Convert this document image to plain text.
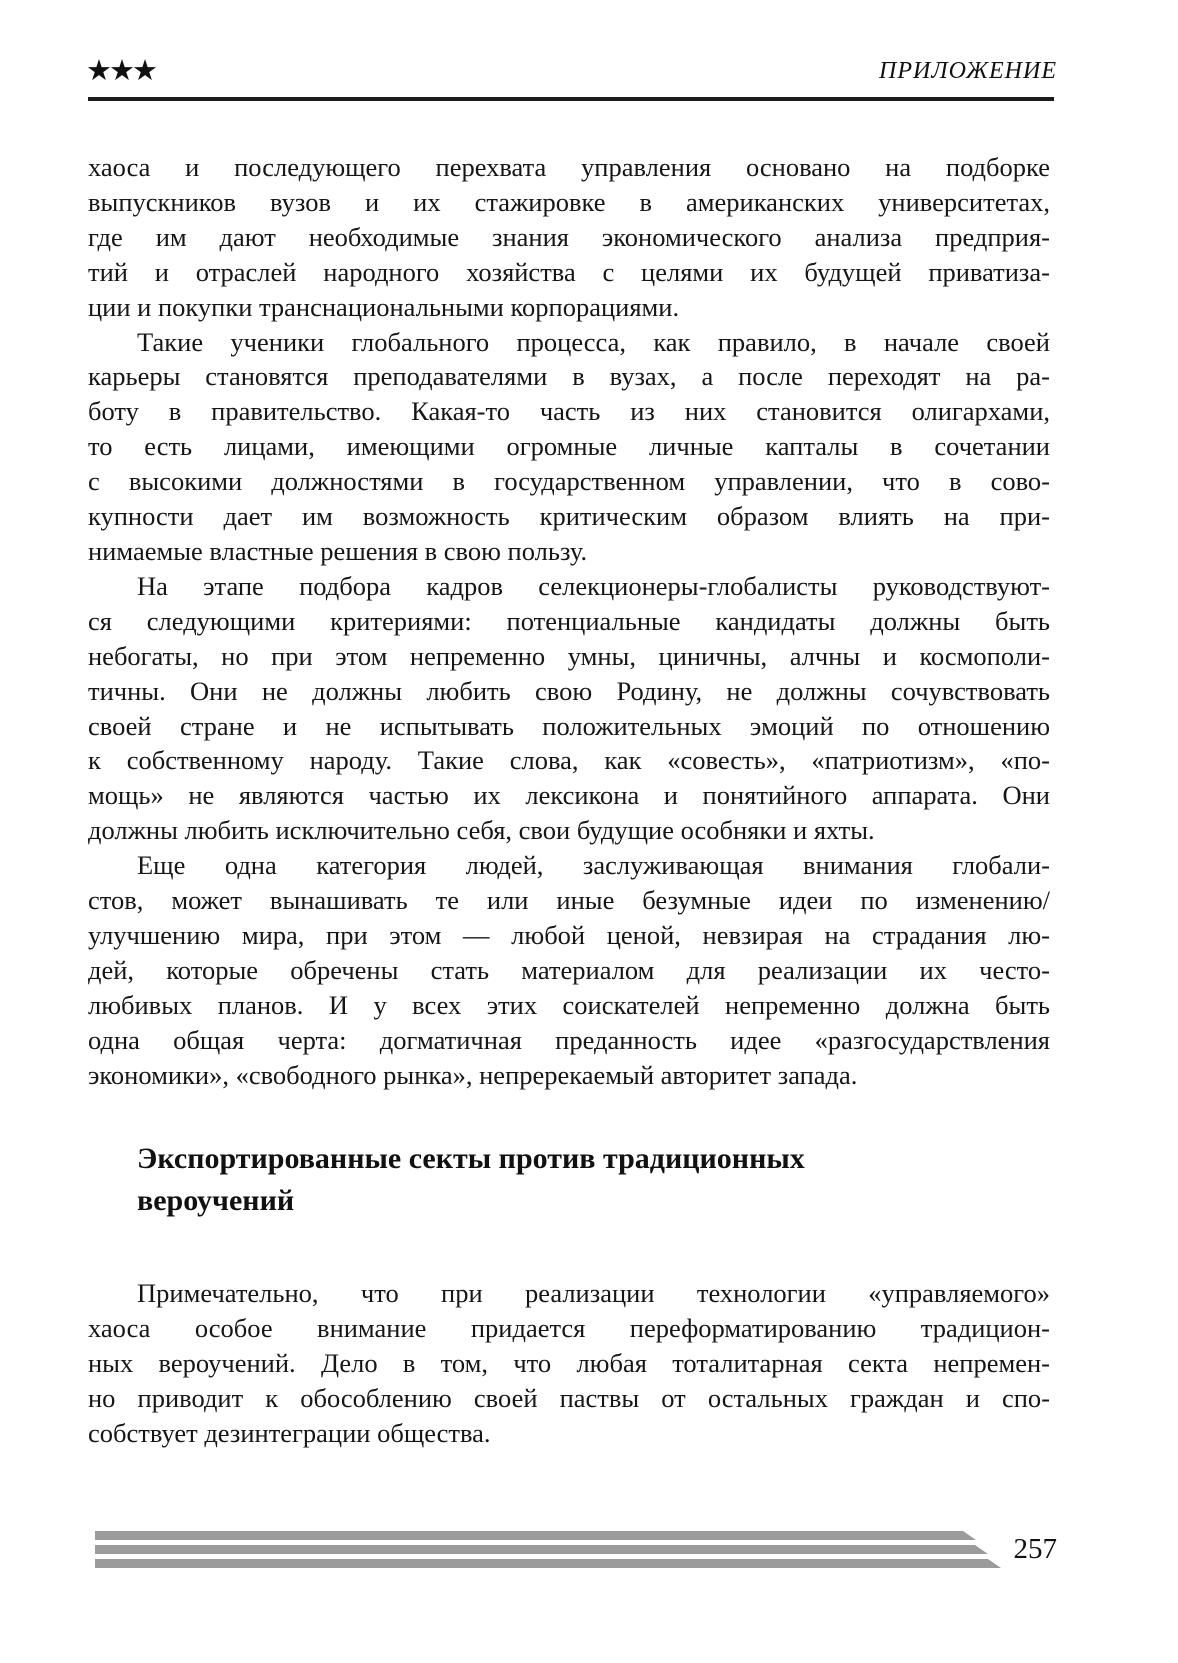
★★★	ПРИЛОЖЕНИЕ

хаоса и последующего перехвата управления основано на подборке
выпускников вузов и их стажировке в американских университетах,
где им дают необходимые знания экономического анализа предприя-
тий и отраслей народного хозяйства с целями их будущей приватиза-
ции и покупки транснациональными корпорациями.

Такие ученики глобального процесса, как правило, в начале своей
карьеры становятся преподавателями в вузах, а после переходят на ра-
боту в правительство. Какая-то часть из них становится олигархами,
то есть лицами, имеющими огромные личные капталы в сочетании
с высокими должностями в государственном управлении, что в сово-
купности дает им возможность критическим образом влиять на при-
нимаемые властные решения в свою пользу.

На этапе подбора кадров селекционеры-глобалисты руководствуют-
ся следующими критериями: потенциальные кандидаты должны быть
небогаты, но при этом непременно умны, циничны, алчны и космополи-
тичны. Они не должны любить свою Родину, не должны сочувствовать
своей стране и не испытывать положительных эмоций по отношению
к собственному народу. Такие слова, как «совесть», «патриотизм», «по-
мощь» не являются частью их лексикона и понятийного аппарата. Они
должны любить исключительно себя, свои будущие особняки и яхты.

Еще одна категория людей, заслуживающая внимания глобали-
стов, может вынашивать те или иные безумные идеи по изменению/
улучшению мира, при этом — любой ценой, невзирая на страдания лю-
дей, которые обречены стать материалом для реализации их често-
любивых планов. И у всех этих соискателей непременно должна быть
одна общая черта: догматичная преданность идее «разгосударствления
экономики», «свободного рынка», непререкаемый авторитет запада.

Экспортированные секты против традиционных
вероучений

Примечательно, что при реализации технологии «управляемого»
хаоса особое внимание придается переформатированию традицион-
ных вероучений. Дело в том, что любая тоталитарная секта непремен-
но приводит к обособлению своей паствы от остальных граждан и спо-
собствует дезинтеграции общества.

257
